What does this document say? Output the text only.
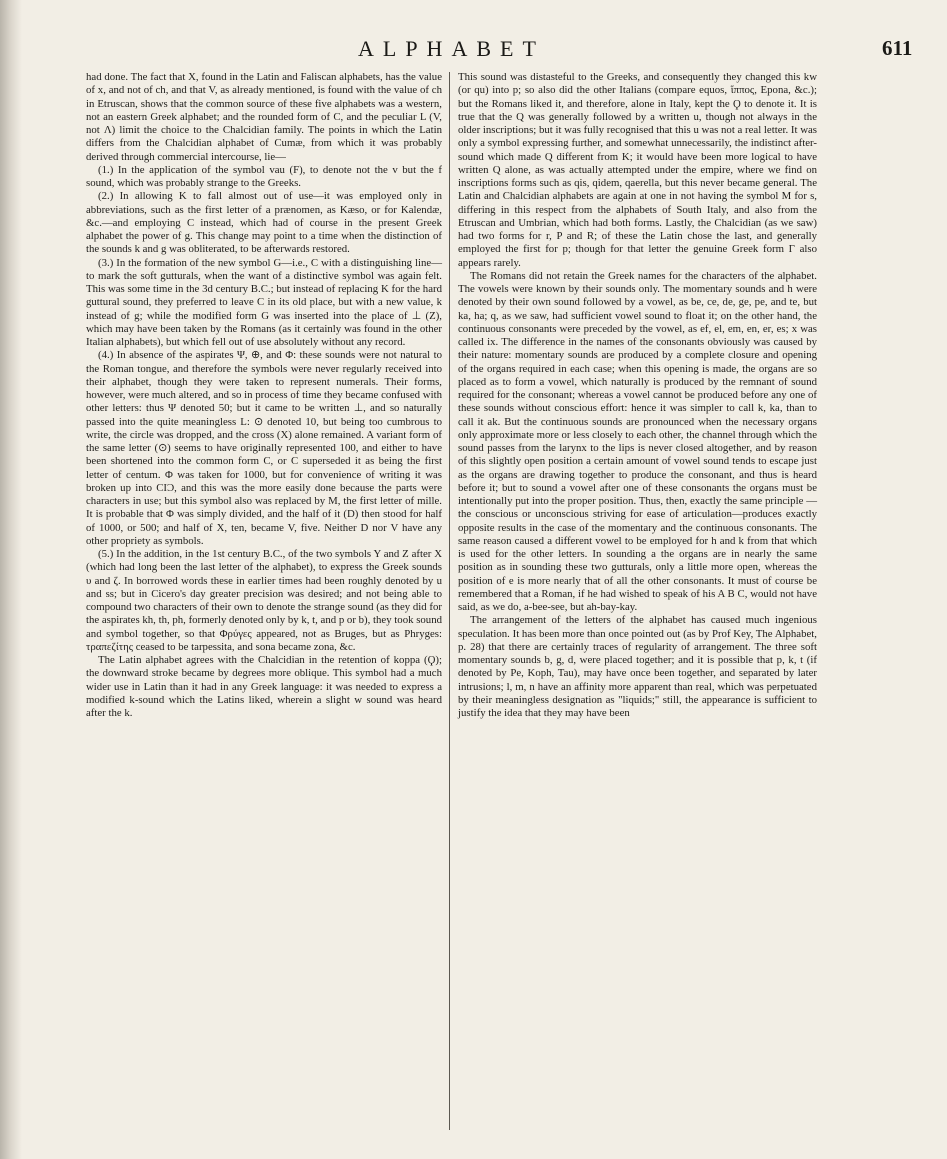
ALPHABET	611

had done. The fact that X, found in the Latin and Faliscan alphabets, has the value of x, and not of ch, and that V, as already mentioned, is found with the value of ch in Etruscan, shows that the common source of these five alphabets was a western, not an eastern Greek alphabet; and the rounded form of C, and the peculiar L (V, not Λ) limit the choice to the Chalcidian family. The points in which the Latin differs from the Chalcidian alphabet of Cumæ, from which it was probably derived through commercial intercourse, lie—

(1.) In the application of the symbol vau (F), to denote not the v but the f sound, which was probably strange to the Greeks.

(2.) In allowing K to fall almost out of use—it was employed only in abbreviations, such as the first letter of a prænomen, as Kæso, or for Kalendæ, &c.—and employing C instead, which had of course in the present Greek alphabet the power of g. This change may point to a time when the distinction of the sounds k and g was obliterated, to be afterwards restored.

(3.) In the formation of the new symbol G—i.e., C with a distinguishing line—to mark the soft gutturals, when the want of a distinctive symbol was again felt. This was some time in the 3d century B.C.; but instead of replacing K for the hard guttural sound, they preferred to leave C in its old place, but with a new value, k instead of g; while the modified form G was inserted into the place of ⊥ (Z), which may have been taken by the Romans (as it certainly was found in the other Italian alphabets), but which fell out of use absolutely without any record.

(4.) In absence of the aspirates Ψ, ⊕, and Φ: these sounds were not natural to the Roman tongue, and therefore the symbols were never regularly received into their alphabet, though they were taken to represent numerals. Their forms, however, were much altered, and so in process of time they became confused with other letters: thus Ψ denoted 50; but it came to be written ⊥, and so naturally passed into the quite meaningless L: ⊙ denoted 10, but being too cumbrous to write, the circle was dropped, and the cross (X) alone remained. A variant form of the same letter (⊙) seems to have originally represented 100, and either to have been shortened into the common form C, or C superseded it as being the first letter of centum. Φ was taken for 1000, but for convenience of writing it was broken up into CIƆ, and this was the more easily done because the parts were characters in use; but this symbol also was replaced by M, the first letter of mille. It is probable that Φ was simply divided, and the half of it (D) then stood for half of 1000, or 500; and half of X, ten, became V, five. Neither D nor V have any other propriety as symbols.

(5.) In the addition, in the 1st century B.C., of the two symbols Y and Z after X (which had long been the last letter of the alphabet), to express the Greek sounds υ and ζ. In borrowed words these in earlier times had been roughly denoted by u and ss; but in Cicero's day greater precision was desired; and not being able to compound two characters of their own to denote the strange sound (as they did for the aspirates kh, th, ph, formerly denoted only by k, t, and p or b), they took sound and symbol together, so that Φρύγες appeared, not as Bruges, but as Phryges: τραπεζίτης ceased to be tarpessita, and sona became zona, &c.

The Latin alphabet agrees with the Chalcidian in the retention of koppa (Ϙ); the downward stroke became by degrees more oblique. This symbol had a much wider use in Latin than it had in any Greek language: it was needed to express a modified k-sound which the Latins liked, wherein a slight w sound was heard after the k.

This sound was distasteful to the Greeks, and consequently they changed this kw (or qu) into p; so also did the other Italians (compare equos, ἵππος, Epona, &c.); but the Romans liked it, and therefore, alone in Italy, kept the Ϙ to denote it. It is true that the Q was generally followed by a written u, though not always in the older inscriptions; but it was fully recognised that this u was not a real letter. It was only a symbol expressing further, and somewhat unnecessarily, the indistinct after-sound which made Q different from K; it would have been more logical to have written Q alone, as was actually attempted under the empire, where we find on inscriptions forms such as qis, qidem, qaerella, but this never became general. The Latin and Chalcidian alphabets are again at one in not having the symbol M for s, differing in this respect from the alphabets of South Italy, and also from the Etruscan and Umbrian, which had both forms. Lastly, the Chalcidian (as we saw) had two forms for r, P and R; of these the Latin chose the last, and generally employed the first for p; though for that letter the genuine Greek form Γ also appears rarely.

The Romans did not retain the Greek names for the characters of the alphabet. The vowels were known by their sounds only. The momentary sounds and h were denoted by their own sound followed by a vowel, as be, ce, de, ge, pe, and te, but ka, ha; q, as we saw, had sufficient vowel sound to float it; on the other hand, the continuous consonants were preceded by the vowel, as ef, el, em, en, er, es; x was called ix. The difference in the names of the consonants obviously was caused by their nature: momentary sounds are produced by a complete closure and opening of the organs required in each case; when this opening is made, the organs are so placed as to form a vowel, which naturally is produced by the remnant of sound required for the consonant; whereas a vowel cannot be produced before any one of these sounds without conscious effort: hence it was simpler to call k, ka, than to call it ak. But the continuous sounds are pronounced when the necessary organs only approximate more or less closely to each other, the channel through which the sound passes from the larynx to the lips is never closed altogether, and by reason of this slightly open position a certain amount of vowel sound tends to escape just as the organs are drawing together to produce the consonant, and thus is heard before it; but to sound a vowel after one of these consonants the organs must be intentionally put into the proper position. Thus, then, exactly the same principle —the conscious or unconscious striving for ease of articulation—produces exactly opposite results in the case of the momentary and the continuous consonants. The same reason caused a different vowel to be employed for h and k from that which is used for the other letters. In sounding a the organs are in nearly the same position as in sounding these two gutturals, only a little more open, whereas the position of e is more nearly that of all the other consonants. It must of course be remembered that a Roman, if he had wished to speak of his A B C, would not have said, as we do, a-bee-see, but ah-bay-kay.

The arrangement of the letters of the alphabet has caused much ingenious speculation. It has been more than once pointed out (as by Prof Key, The Alphabet, p. 28) that there are certainly traces of regularity of arrangement. The three soft momentary sounds b, g, d, were placed together; and it is possible that p, k, t (if denoted by Pe, Koph, Tau), may have once been together, and separated by later intrusions; l, m, n have an affinity more apparent than real, which was perpetuated by their meaningless designation as "liquids;" still, the appearance is sufficient to justify the idea that they may have been
